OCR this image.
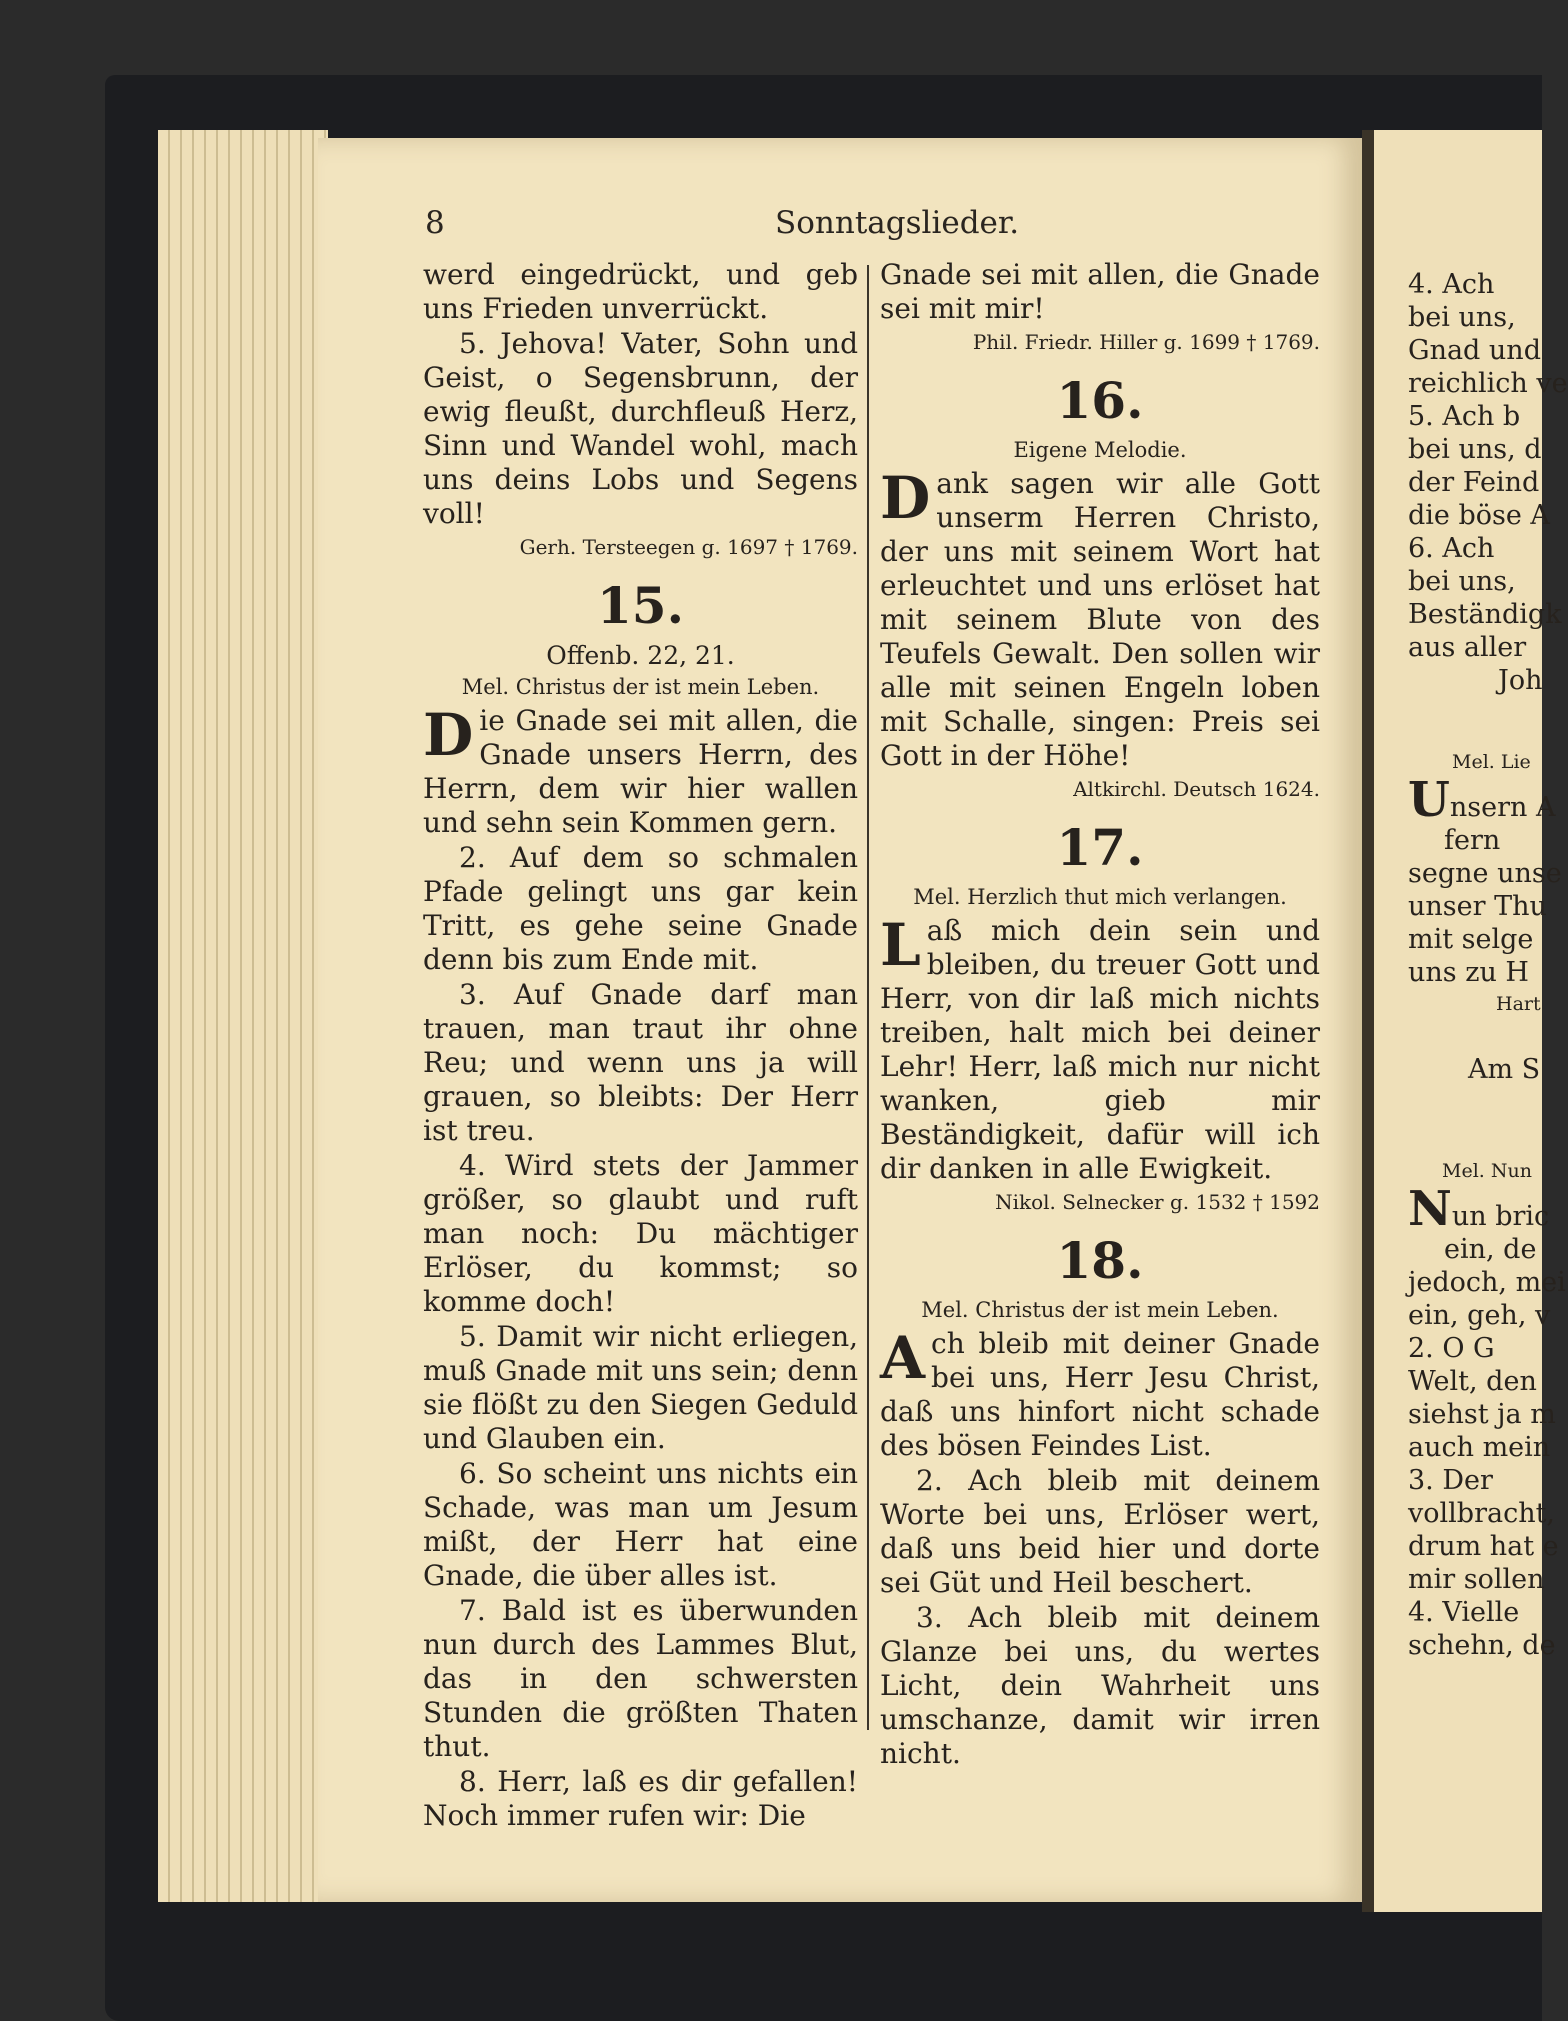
8	Sonntagslieder.

werd eingedrückt, und geb uns Frieden unverrückt.

5. Jehova! Vater, Sohn und Geist, o Segensbrunn, der ewig fleußt, durchfleuß Herz, Sinn und Wandel wohl, mach uns deins Lobs und Segens voll!

Gerh. Tersteegen g. 1697 † 1769.
15.
Offenb. 22, 21.
Mel. Christus der ist mein Leben.

Die Gnade sei mit allen, die Gnade unsers Herrn, des Herrn, dem wir hier wallen und sehn sein Kommen gern.

2. Auf dem so schmalen Pfade gelingt uns gar kein Tritt, es gehe seine Gnade denn bis zum Ende mit.

3. Auf Gnade darf man trauen, man traut ihr ohne Reu; und wenn uns ja will grauen, so bleibts: Der Herr ist treu.

4. Wird stets der Jammer größer, so glaubt und ruft man noch: Du mächtiger Erlöser, du kommst; so komme doch!

5. Damit wir nicht erliegen, muß Gnade mit uns sein; denn sie flößt zu den Siegen Geduld und Glauben ein.

6. So scheint uns nichts ein Schade, was man um Jesum mißt, der Herr hat eine Gnade, die über alles ist.

7. Bald ist es überwunden nun durch des Lammes Blut, das in den schwersten Stunden die größten Thaten thut.

8. Herr, laß es dir gefallen! Noch immer rufen wir: Die

Gnade sei mit allen, die Gnade sei mit mir!

Phil. Friedr. Hiller g. 1699 † 1769.
16.
Eigene Melodie.

Dank sagen wir alle Gott unserm Herren Christo, der uns mit seinem Wort hat erleuchtet und uns erlöset hat mit seinem Blute von des Teufels Gewalt. Den sollen wir alle mit seinen Engeln loben mit Schalle, singen: Preis sei Gott in der Höhe!

Altkirchl. Deutsch 1624.
17.
Mel. Herzlich thut mich verlangen.

Laß mich dein sein und bleiben, du treuer Gott und Herr, von dir laß mich nichts treiben, halt mich bei deiner Lehr! Herr, laß mich nur nicht wanken, gieb mir Beständigkeit, dafür will ich dir danken in alle Ewigkeit.

Nikol. Selnecker g. 1532 † 1592
18.
Mel. Christus der ist mein Leben.

Ach bleib mit deiner Gnade bei uns, Herr Jesu Christ, daß uns hinfort nicht schade des bösen Feindes List.

2. Ach bleib mit deinem Worte bei uns, Erlöser wert, daß uns beid hier und dorte sei Güt und Heil beschert.

3. Ach bleib mit deinem Glanze bei uns, du wertes Licht, dein Wahrheit uns umschanze, damit wir irren nicht.

4. Ach
bei uns,
Gnad und
reichlich ve
5. Ach b
bei uns, d
der Feind
die böse A
6. Ach
bei uns,
Beständigk
aus aller
Joh
Mel. Lie
Unsern A
fern
segne unse
unser Thu
mit selge
uns zu H
Hart
Am S
Mel. Nun
Nun bric
ein, de
jedoch, mei
ein, geh, v
2. O G
Welt, den
siehst ja m
auch mein
3. Der
vollbracht,
drum hat e
mir sollen
4. Vielle
schehn, de
